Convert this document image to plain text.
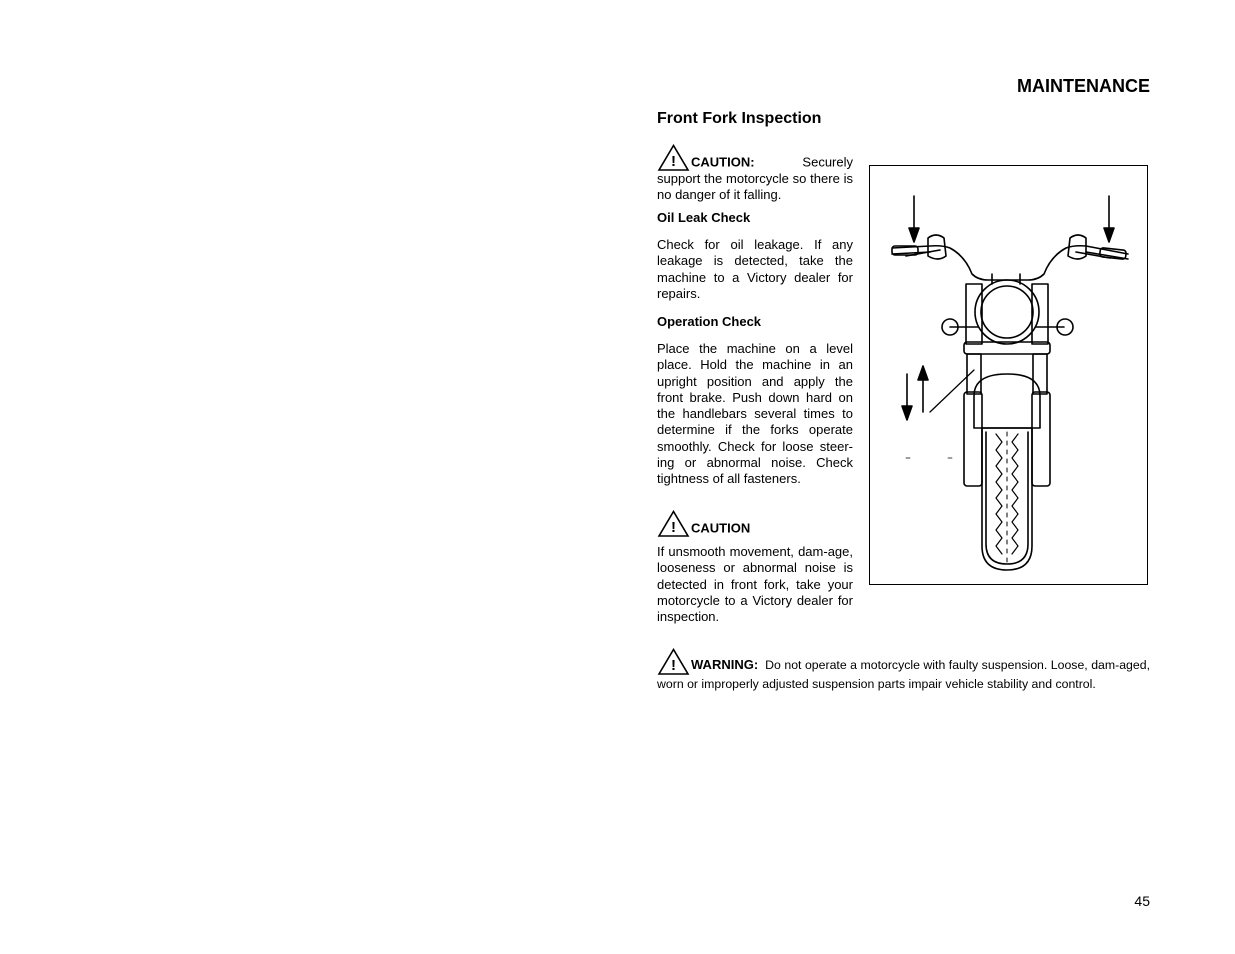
MAINTENANCE
Front Fork Inspection
! CAUTION:	Securely support the motorcycle so there is no danger of it falling.
Oil Leak Check

Check for oil leakage. If any leakage is detected, take the machine to a Victory dealer for repairs.

Operation Check

Place the machine on a level place. Hold the machine in an upright position and apply the front brake. Push down hard on the handlebars several times to determine if the forks operate smoothly. Check for loose steer-ing or abnormal noise. Check tightness of all fasteners.

! CAUTION

If unsmooth movement, dam-age, looseness or abnormal noise is detected in front fork, take your motorcycle to a Victory dealer for inspection.

! WARNING: Do not operate a motorcycle with faulty suspension. Loose, dam-aged, worn or improperly adjusted suspension parts impair vehicle stability and control.
45
